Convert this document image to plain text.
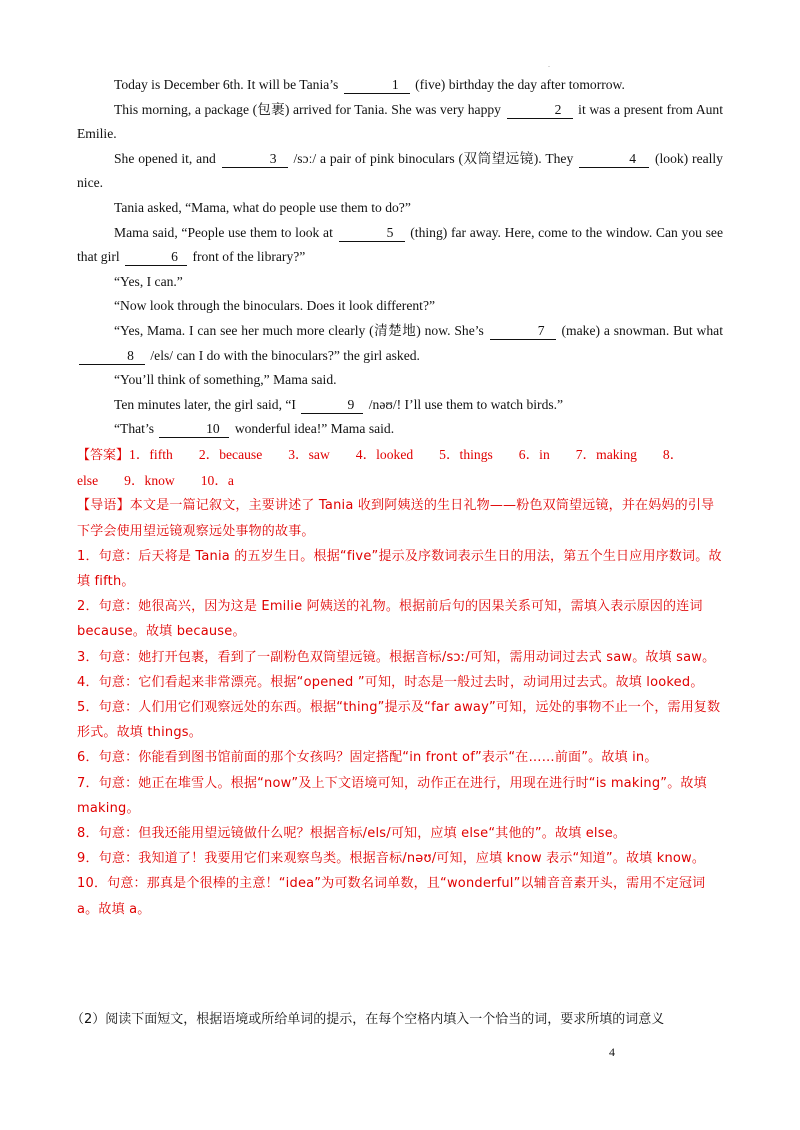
.

Today is December 6th. It will be Tania’s	1 (five) birthday the day after tomorrow.

This morning, a package (包裹) arrived for Tania. She was very happy	2 it was a present from Aunt Emilie.

She opened it, and	3 /sɔː/ a pair of pink binoculars (双筒望远镜). They	4 (look) really nice.

Tania asked, “Mama, what do people use them to do?”

Mama said, “People use them to look at	5 (thing) far away. Here, come to the window. Can you see that girl	6 front of the library?”

“Yes, I can.”

“Now look through the binoculars. Does it look different?”

“Yes, Mama. I can see her much more clearly (清楚地) now. She’s	7 (make) a snowman. But what 8 /els/ can I do with the binoculars?” the girl asked.

“You’ll think of something,” Mama said.

Ten minutes later, the girl said, “I	9 /nəʊ/! I’ll use them to watch birds.”

“That’s	10 wonderful idea!” Mama said.

【答案】1．fifth 2．because 3．saw 4．looked 5．things 6．in 7．making 8．else 9．know 10．a

【导语】本文是一篇记叙文，主要讲述了 Tania 收到阿姨送的生日礼物——粉色双筒望远镜，并在妈妈的引导下学会使用望远镜观察远处事物的故事。

1．句意：后天将是 Tania 的五岁生日。根据“five”提示及序数词表示生日的用法，第五个生日应用序数词。故填 fifth。

2．句意：她很高兴，因为这是 Emilie 阿姨送的礼物。根据前后句的因果关系可知，需填入表示原因的连词 because。故填 because。

3．句意：她打开包裹，看到了一副粉色双筒望远镜。根据音标/sɔː/可知，需用动词过去式 saw。故填 saw。

4．句意：它们看起来非常漂亮。根据“opened ”可知，时态是一般过去时，动词用过去式。故填 looked。

5．句意：人们用它们观察远处的东西。根据“thing”提示及“far away”可知，远处的事物不止一个，需用复数形式。故填 things。

6．句意：你能看到图书馆前面的那个女孩吗？固定搭配“in front of”表示“在……前面”。故填 in。

7．句意：她正在堆雪人。根据“now”及上下文语境可知，动作正在进行，用现在进行时“is making”。故填 making。

8．句意：但我还能用望远镜做什么呢？根据音标/els/可知，应填 else“其他的”。故填 else。

9．句意：我知道了！我要用它们来观察鸟类。根据音标/nəʊ/可知，应填 know 表示“知道”。故填 know。

10．句意：那真是个很棒的主意！“idea”为可数名词单数，且“wonderful”以辅音音素开头，需用不定冠词 a。故填 a。

（2）阅读下面短文，根据语境或所给单词的提示，在每个空格内填入一个恰当的词，要求所填的词意义
4
